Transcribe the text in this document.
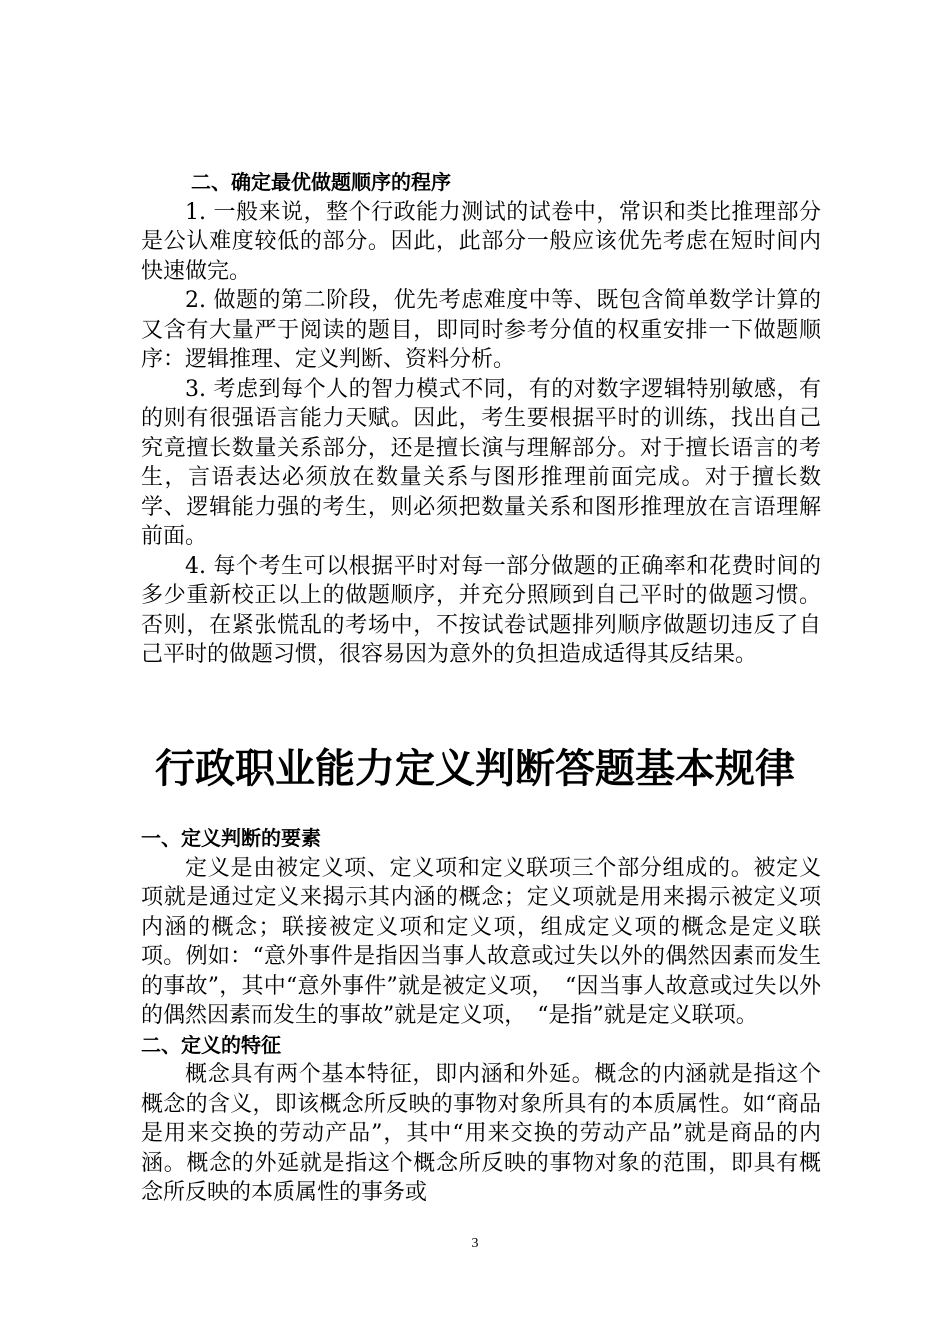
二、确定最优做题顺序的程序

1. 一般来说，整个行政能力测试的试卷中，常识和类比推理部分是公认难度较低的部分。因此，此部分一般应该优先考虑在短时间内快速做完。

2. 做题的第二阶段，优先考虑难度中等、既包含简单数学计算的又含有大量严于阅读的题目，即同时参考分值的权重安排一下做题顺序：逻辑推理、定义判断、资料分析。

3. 考虑到每个人的智力模式不同，有的对数字逻辑特别敏感，有的则有很强语言能力天赋。因此，考生要根据平时的训练，找出自己究竟擅长数量关系部分，还是擅长演与理解部分。对于擅长语言的考生，言语表达必须放在数量关系与图形推理前面完成。对于擅长数学、逻辑能力强的考生，则必须把数量关系和图形推理放在言语理解前面。

4. 每个考生可以根据平时对每一部分做题的正确率和花费时间的多少重新校正以上的做题顺序，并充分照顾到自己平时的做题习惯。否则，在紧张慌乱的考场中，不按试卷试题排列顺序做题切违反了自己平时的做题习惯，很容易因为意外的负担造成适得其反结果。

行政职业能力定义判断答题基本规律

一、定义判断的要素

定义是由被定义项、定义项和定义联项三个部分组成的。被定义项就是通过定义来揭示其内涵的概念；定义项就是用来揭示被定义项内涵的概念；联接被定义项和定义项，组成定义项的概念是定义联项。例如：“意外事件是指因当事人故意或过失以外的偶然因素而发生的事故”，其中“意外事件”就是被定义项，　“因当事人故意或过失以外的偶然因素而发生的事故”就是定义项，　“是指”就是定义联项。

二、定义的特征

概念具有两个基本特征，即内涵和外延。概念的内涵就是指这个概念的含义，即该概念所反映的事物对象所具有的本质属性。如“商品是用来交换的劳动产品”，其中“用来交换的劳动产品”就是商品的内涵。概念的外延就是指这个概念所反映的事物对象的范围，即具有概念所反映的本质属性的事务或

3
